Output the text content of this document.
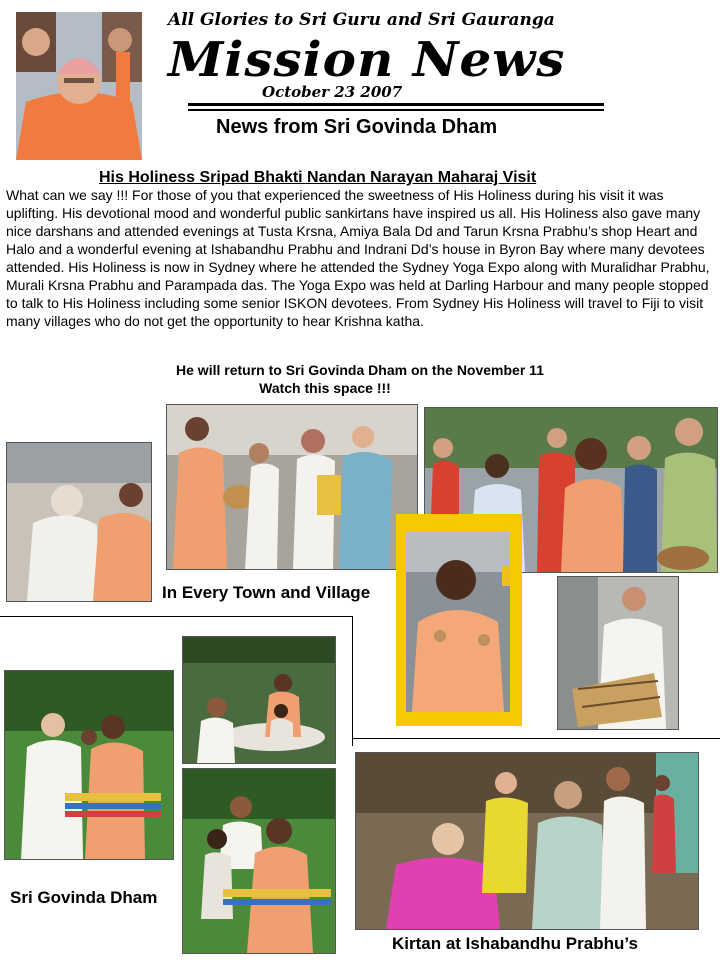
All Glories to Sri Guru and Sri Gauranga
Mission News
October 23 2007
News from Sri Govinda Dham
His Holiness Sripad Bhakti Nandan Narayan Maharaj Visit
What can we say !!! For those of you that experienced the sweetness of His Holiness during his visit it was uplifting. His devotional mood and wonderful public sankirtans have inspired us all. His Holiness also gave many nice darshans and attended evenings at Tusta Krsna, Amiya Bala Dd and Tarun Krsna Prabhu’s shop Heart and Halo and a wonderful evening at Ishabandhu Prabhu and Indrani Dd’s house in Byron Bay where many devotees attended. His Holiness is now in Sydney where he attended the Sydney Yoga Expo along with Muralidhar Prabhu, Murali Krsna Prabhu and Parampada das. The Yoga Expo was held at Darling Harbour and many people stopped to talk to His Holiness including some senior ISKON devotees. From Sydney His Holiness will travel to Fiji to visit many villages who do not get the opportunity to hear Krishna katha.
He will return to Sri Govinda Dham on the November 11
Watch this space !!!
In Every Town and Village
Sri Govinda Dham
Kirtan at Ishabandhu Prabhu’s
